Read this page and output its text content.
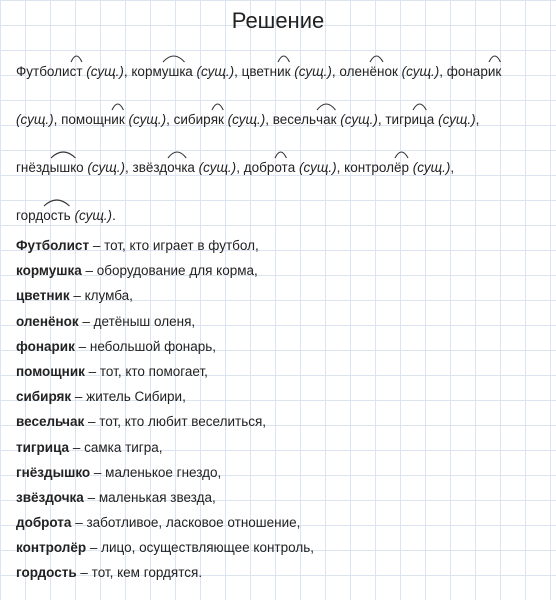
Решение
Футболист (сущ.), кормушк
а (сущ.), цветник (сущ.), оленён
ок (сущ.), фонарик
(сущ.), помощник (сущ.), сибиряк (сущ.), весельчак (сущ.), тигриц
а (сущ.),
гнёздышк
о (сущ.), звёздочк
а (сущ.), доброт
а (сущ.), контролёр (сущ.),
гордость (сущ.).
Футболист – тот, кто играет в футбол,
кормушка – оборудование для корма,
цветник – клумба,
оленёнок – детёныш оленя,
фонарик – небольшой фонарь,
помощник – тот, кто помогает,
сибиряк – житель Сибири,
весельчак – тот, кто любит веселиться,
тигрица – самка тигра,
гнёздышко – маленькое гнездо,
звёздочка – маленькая звезда,
доброта – заботливое, ласковое отношение,
контролёр – лицо, осуществляющее контроль,
гордость – тот, кем гордятся.
